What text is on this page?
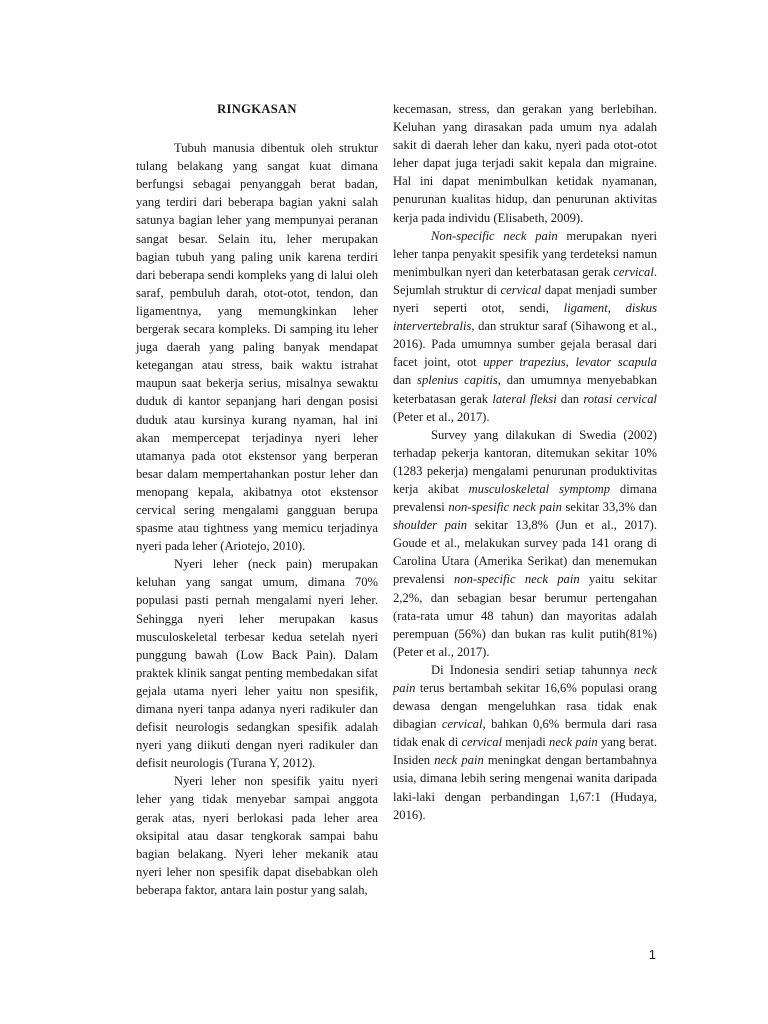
RINGKASAN

Tubuh manusia dibentuk oleh struktur tulang belakang yang sangat kuat dimana berfungsi sebagai penyanggah berat badan, yang terdiri dari beberapa bagian yakni salah satunya bagian leher yang mempunyai peranan sangat besar. Selain itu, leher merupakan bagian tubuh yang paling unik karena terdiri dari beberapa sendi kompleks yang di lalui oleh saraf, pembuluh darah, otot-otot, tendon, dan ligamentnya, yang memungkinkan leher bergerak secara kompleks. Di samping itu leher juga daerah yang paling banyak mendapat ketegangan atau stress, baik waktu istrahat maupun saat bekerja serius, misalnya sewaktu duduk di kantor sepanjang hari dengan posisi duduk atau kursinya kurang nyaman, hal ini akan mempercepat terjadinya nyeri leher utamanya pada otot ekstensor yang berperan besar dalam mempertahankan postur leher dan menopang kepala, akibatnya otot ekstensor cervical sering mengalami gangguan berupa spasme atau tightness yang memicu terjadinya nyeri pada leher (Ariotejo, 2010).

Nyeri leher (neck pain) merupakan keluhan yang sangat umum, dimana 70% populasi pasti pernah mengalami nyeri leher. Sehingga nyeri leher merupakan kasus musculoskeletal terbesar kedua setelah nyeri punggung bawah (Low Back Pain). Dalam praktek klinik sangat penting membedakan sifat gejala utama nyeri leher yaitu non spesifik, dimana nyeri tanpa adanya nyeri radikuler dan defisit neurologis sedangkan spesifik adalah nyeri yang diikuti dengan nyeri radikuler dan defisit neurologis (Turana Y, 2012).

Nyeri leher non spesifik yaitu nyeri leher yang tidak menyebar sampai anggota gerak atas, nyeri berlokasi pada leher area oksipital atau dasar tengkorak sampai bahu bagian belakang. Nyeri leher mekanik atau nyeri leher non spesifik dapat disebabkan oleh beberapa faktor, antara lain postur yang salah,

kecemasan, stress, dan gerakan yang berlebihan. Keluhan yang dirasakan pada umum nya adalah sakit di daerah leher dan kaku, nyeri pada otot-otot leher dapat juga terjadi sakit kepala dan migraine. Hal ini dapat menimbulkan ketidak nyamanan, penurunan kualitas hidup, dan penurunan aktivitas kerja pada individu (Elisabeth, 2009).

Non-specific neck pain merupakan nyeri leher tanpa penyakit spesifik yang terdeteksi namun menimbulkan nyeri dan keterbatasan gerak cervical. Sejumlah struktur di cervical dapat menjadi sumber nyeri seperti otot, sendi, ligament, diskus intervertebralis, dan struktur saraf (Sihawong et al., 2016). Pada umumnya sumber gejala berasal dari facet joint, otot upper trapezius, levator scapula dan splenius capitis, dan umumnya menyebabkan keterbatasan gerak lateral fleksi dan rotasi cervical (Peter et al., 2017).

Survey yang dilakukan di Swedia (2002) terhadap pekerja kantoran, ditemukan sekitar 10% (1283 pekerja) mengalami penurunan produktivitas kerja akibat musculoskeletal symptomp dimana prevalensi non-spesific neck pain sekitar 33,3% dan shoulder pain sekitar 13,8% (Jun et al., 2017). Goude et al., melakukan survey pada 141 orang di Carolina Utara (Amerika Serikat) dan menemukan prevalensi non-specific neck pain yaitu sekitar 2,2%, dan sebagian besar berumur pertengahan (rata-rata umur 48 tahun) dan mayoritas adalah perempuan (56%) dan bukan ras kulit putih(81%) (Peter et al., 2017).

Di Indonesia sendiri setiap tahunnya neck pain terus bertambah sekitar 16,6% populasi orang dewasa dengan mengeluhkan rasa tidak enak dibagian cervical, bahkan 0,6% bermula dari rasa tidak enak di cervical menjadi neck pain yang berat. Insiden neck pain meningkat dengan bertambahnya usia, dimana lebih sering mengenai wanita daripada laki-laki dengan perbandingan 1,67:1 (Hudaya, 2016).

1
